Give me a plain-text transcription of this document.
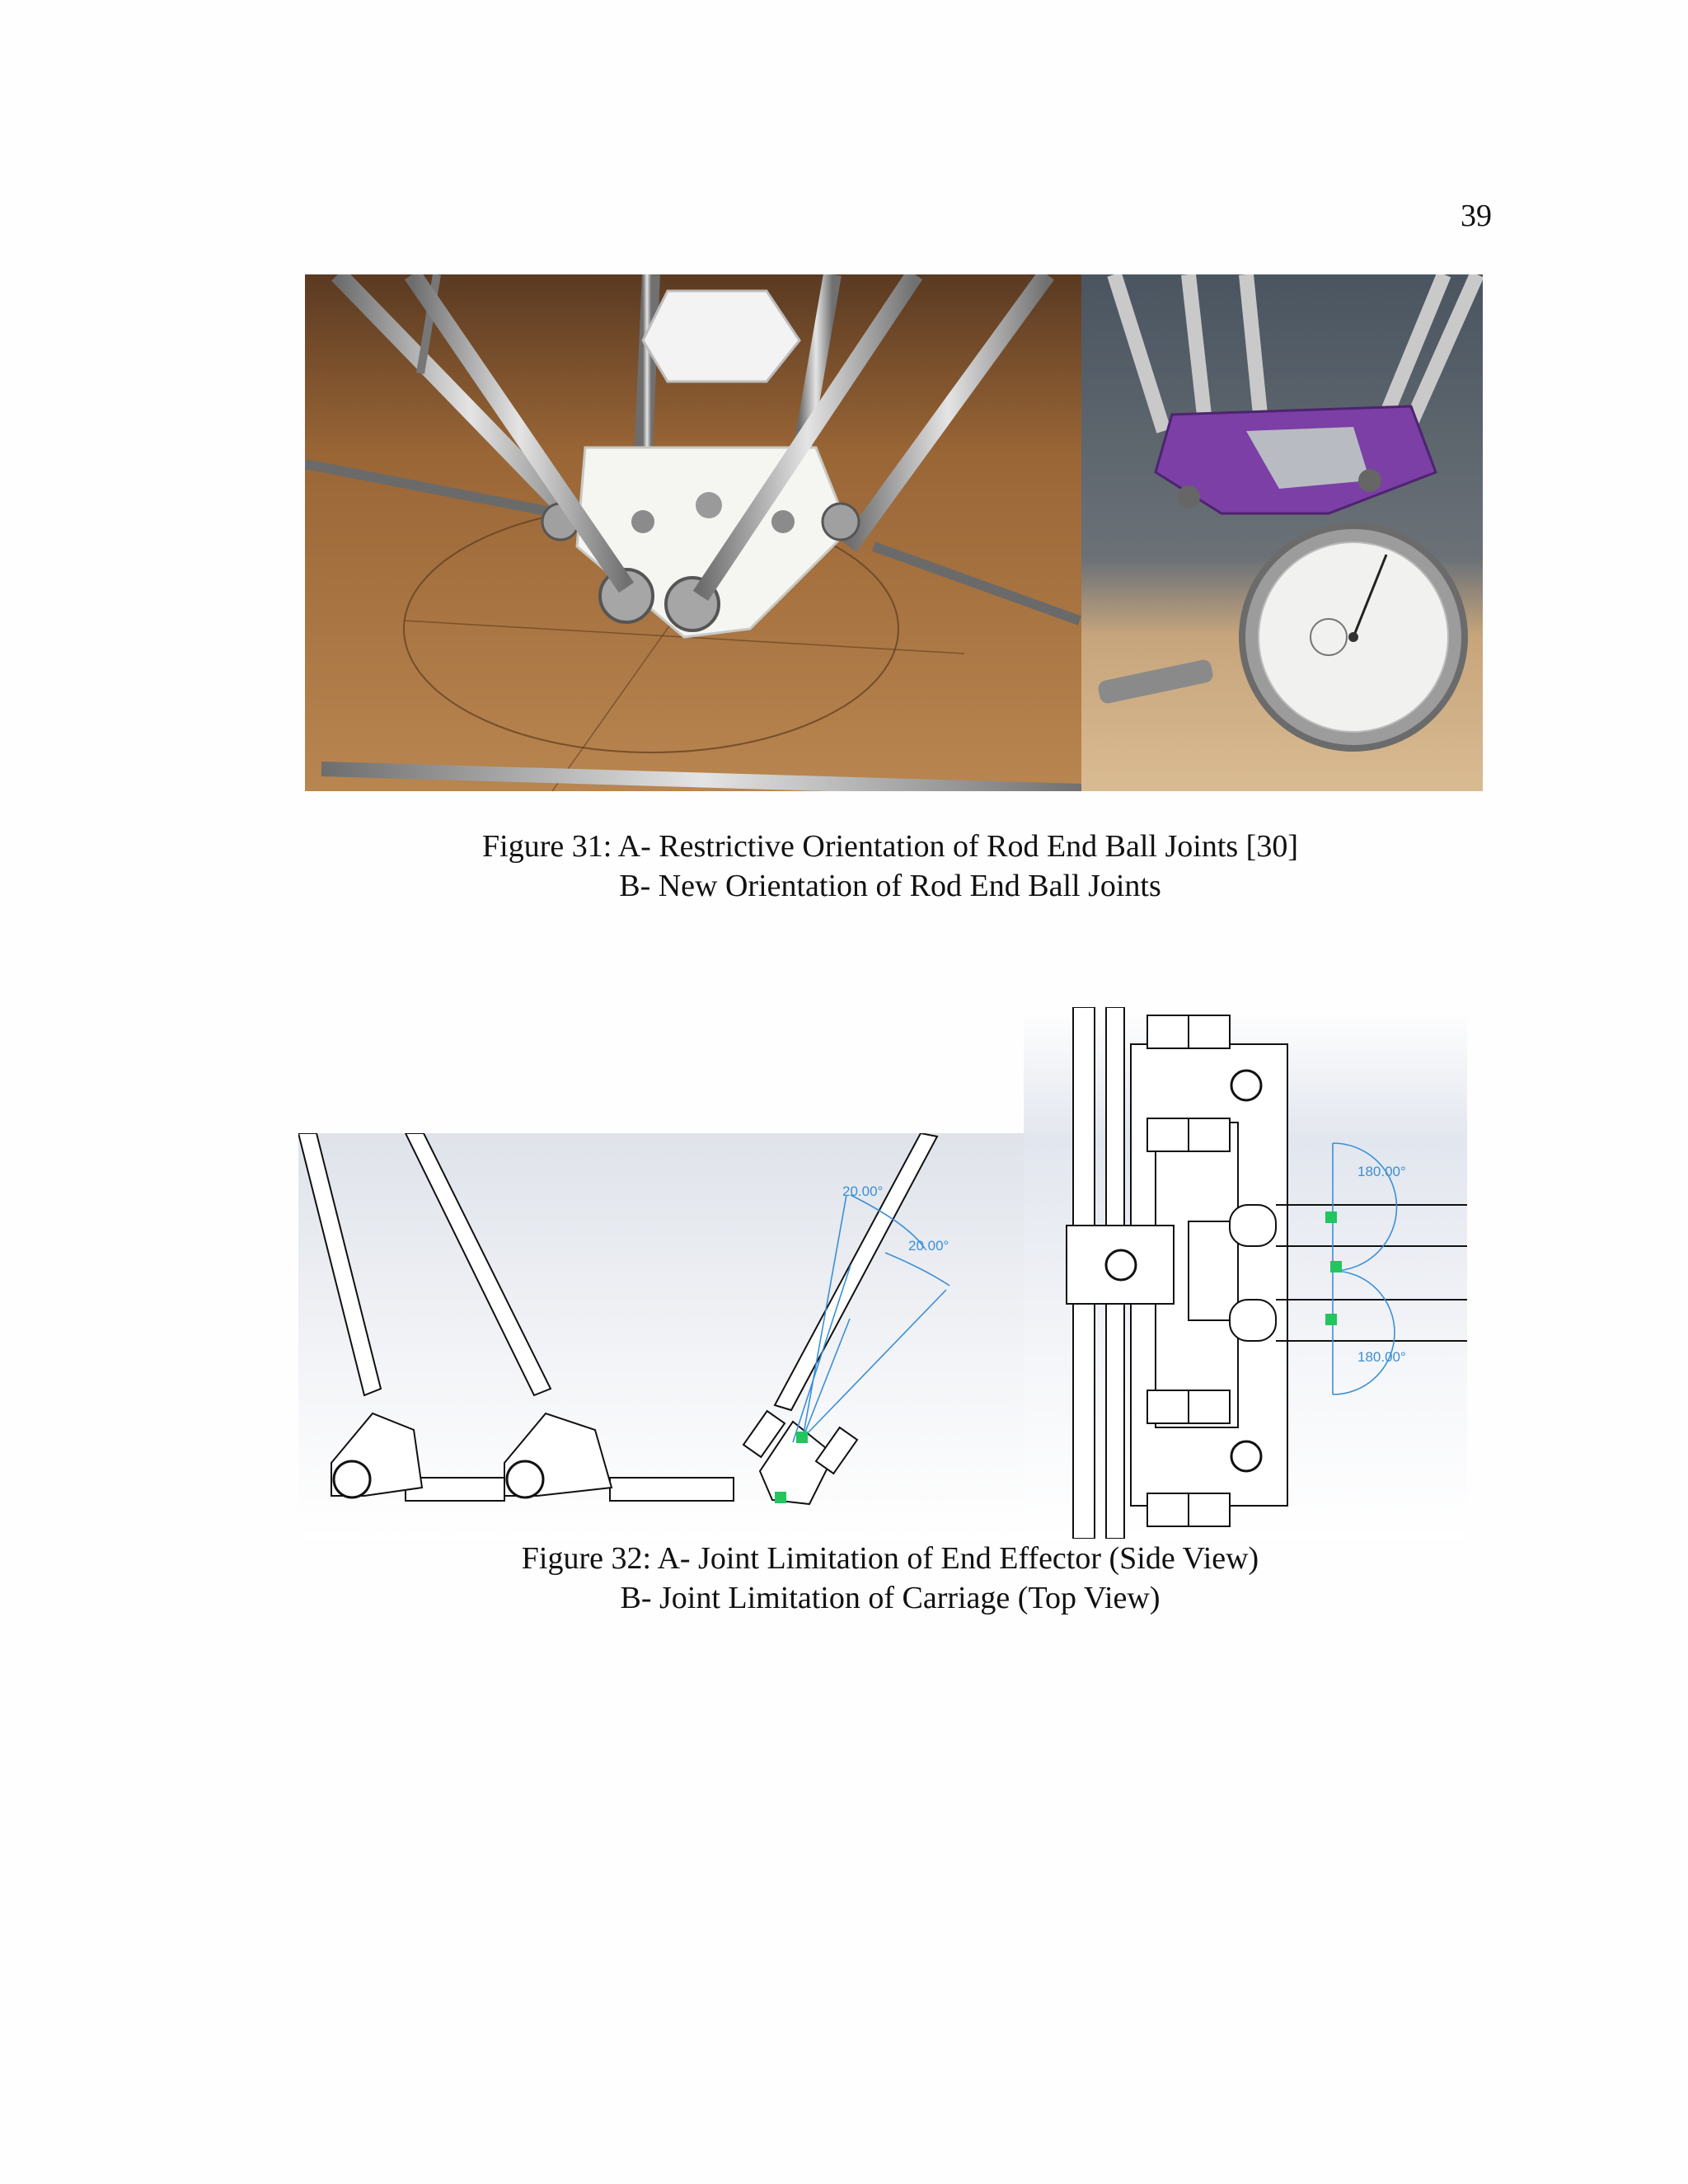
39
Figure 31: A- Restrictive Orientation of Rod End Ball Joints [30]
B- New Orientation of Rod End Ball Joints
20.00°
20.00°
180.00°
180.00°
Figure 32: A- Joint Limitation of End Effector (Side View)
B- Joint Limitation of Carriage (Top View)
